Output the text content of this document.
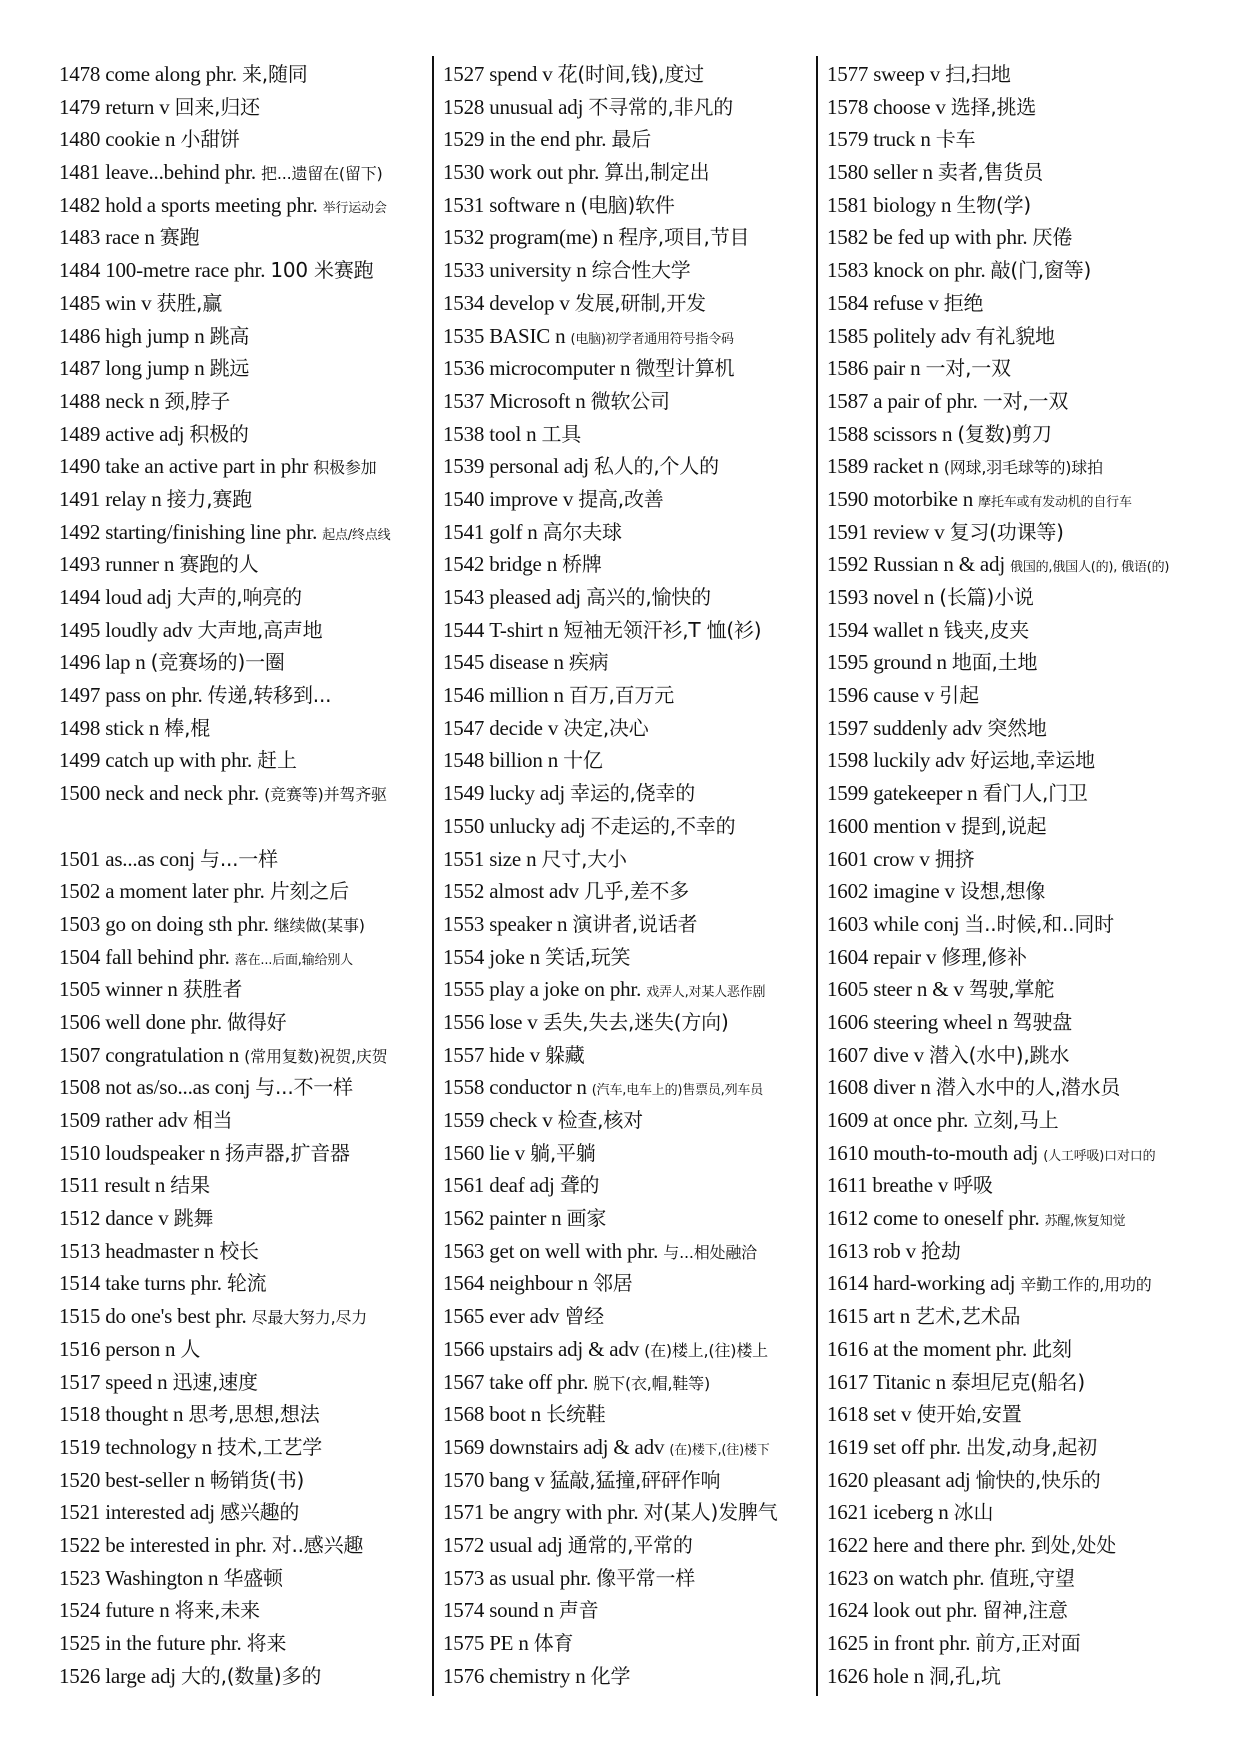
1478 come along phr. 来,随同
1479 return v 回来,归还
1480 cookie n 小甜饼
1481 leave...behind phr. 把...遗留在(留下)
1482 hold a sports meeting phr. 举行运动会
1483 race n 赛跑
1484 100-metre race phr. 100 米赛跑
1485 win v 获胜,赢
1486 high jump n 跳高
1487 long jump n 跳远
1488 neck n 颈,脖子
1489 active adj 积极的
1490 take an active part in phr 积极参加
1491 relay n 接力,赛跑
1492 starting/finishing line phr. 起点/终点线
1493 runner n 赛跑的人
1494 loud adj 大声的,响亮的
1495 loudly adv 大声地,高声地
1496 lap n (竞赛场的)一圈
1497 pass on phr. 传递,转移到...
1498 stick n 棒,棍
1499 catch up with phr. 赶上
1500 neck and neck phr. (竞赛等)并驾齐驱
1501 as...as conj 与...一样
1502 a moment later phr. 片刻之后
1503 go on doing sth phr. 继续做(某事)
1504 fall behind phr. 落在...后面,输给别人
1505 winner n 获胜者
1506 well done phr. 做得好
1507 congratulation n (常用复数)祝贺,庆贺
1508 not as/so...as conj 与...不一样
1509 rather adv 相当
1510 loudspeaker n 扬声器,扩音器
1511 result n 结果
1512 dance v 跳舞
1513 headmaster n 校长
1514 take turns phr. 轮流
1515 do one's best phr. 尽最大努力,尽力
1516 person n 人
1517 speed n 迅速,速度
1518 thought n 思考,思想,想法
1519 technology n 技术,工艺学
1520 best-seller n 畅销货(书)
1521 interested adj 感兴趣的
1522 be interested in phr. 对..感兴趣
1523 Washington n 华盛顿
1524 future n 将来,未来
1525 in the future phr. 将来
1526 large adj 大的,(数量)多的
1527 spend v 花(时间,钱),度过
1528 unusual adj 不寻常的,非凡的
1529 in the end phr. 最后
1530 work out phr. 算出,制定出
1531 software n (电脑)软件
1532 program(me) n 程序,项目,节目
1533 university n 综合性大学
1534 develop v 发展,研制,开发
1535 BASIC n (电脑)初学者通用符号指令码
1536 microcomputer n 微型计算机
1537 Microsoft n 微软公司
1538 tool n 工具
1539 personal adj 私人的,个人的
1540 improve v 提高,改善
1541 golf n 高尔夫球
1542 bridge n 桥牌
1543 pleased adj 高兴的,愉快的
1544 T-shirt n 短袖无领汗衫,T 恤(衫)
1545 disease n 疾病
1546 million n 百万,百万元
1547 decide v 决定,决心
1548 billion n 十亿
1549 lucky adj 幸运的,侥幸的
1550 unlucky adj 不走运的,不幸的
1551 size n 尺寸,大小
1552 almost adv 几乎,差不多
1553 speaker n 演讲者,说话者
1554 joke n 笑话,玩笑
1555 play a joke on phr. 戏弄人,对某人恶作剧
1556 lose v 丢失,失去,迷失(方向)
1557 hide v 躲藏
1558 conductor n (汽车,电车上的)售票员,列车员
1559 check v 检查,核对
1560 lie v 躺,平躺
1561 deaf adj 聋的
1562 painter n 画家
1563 get on well with phr. 与...相处融洽
1564 neighbour n 邻居
1565 ever adv 曾经
1566 upstairs adj & adv (在)楼上,(往)楼上
1567 take off phr. 脱下(衣,帽,鞋等)
1568 boot n 长统鞋
1569 downstairs adj & adv (在)楼下,(往)楼下
1570 bang v 猛敲,猛撞,砰砰作响
1571 be angry with phr. 对(某人)发脾气
1572 usual adj 通常的,平常的
1573 as usual phr. 像平常一样
1574 sound n 声音
1575 PE n 体育
1576 chemistry n 化学
1577 sweep v 扫,扫地
1578 choose v 选择,挑选
1579 truck n 卡车
1580 seller n 卖者,售货员
1581 biology n 生物(学)
1582 be fed up with phr. 厌倦
1583 knock on phr. 敲(门,窗等)
1584 refuse v 拒绝
1585 politely adv 有礼貌地
1586 pair n 一对,一双
1587 a pair of phr. 一对,一双
1588 scissors n (复数)剪刀
1589 racket n (网球,羽毛球等的)球拍
1590 motorbike n 摩托车或有发动机的自行车
1591 review v 复习(功课等)
1592 Russian n & adj 俄国的,俄国人(的), 俄语(的)
1593 novel n (长篇)小说
1594 wallet n 钱夹,皮夹
1595 ground n 地面,土地
1596 cause v 引起
1597 suddenly adv 突然地
1598 luckily adv 好运地,幸运地
1599 gatekeeper n 看门人,门卫
1600 mention v 提到,说起
1601 crow v 拥挤
1602 imagine v 设想,想像
1603 while conj 当..时候,和..同时
1604 repair v 修理,修补
1605 steer n & v 驾驶,掌舵
1606 steering wheel n 驾驶盘
1607 dive v 潜入(水中),跳水
1608 diver n 潜入水中的人,潜水员
1609 at once phr. 立刻,马上
1610 mouth-to-mouth adj (人工呼吸)口对口的
1611 breathe v 呼吸
1612 come to oneself phr. 苏醒,恢复知觉
1613 rob v 抢劫
1614 hard-working adj 辛勤工作的,用功的
1615 art n 艺术,艺术品
1616 at the moment phr. 此刻
1617 Titanic n 泰坦尼克(船名)
1618 set v 使开始,安置
1619 set off phr. 出发,动身,起初
1620 pleasant adj 愉快的,快乐的
1621 iceberg n 冰山
1622 here and there phr. 到处,处处
1623 on watch phr. 值班,守望
1624 look out phr. 留神,注意
1625 in front phr. 前方,正对面
1626 hole n 洞,孔,坑
